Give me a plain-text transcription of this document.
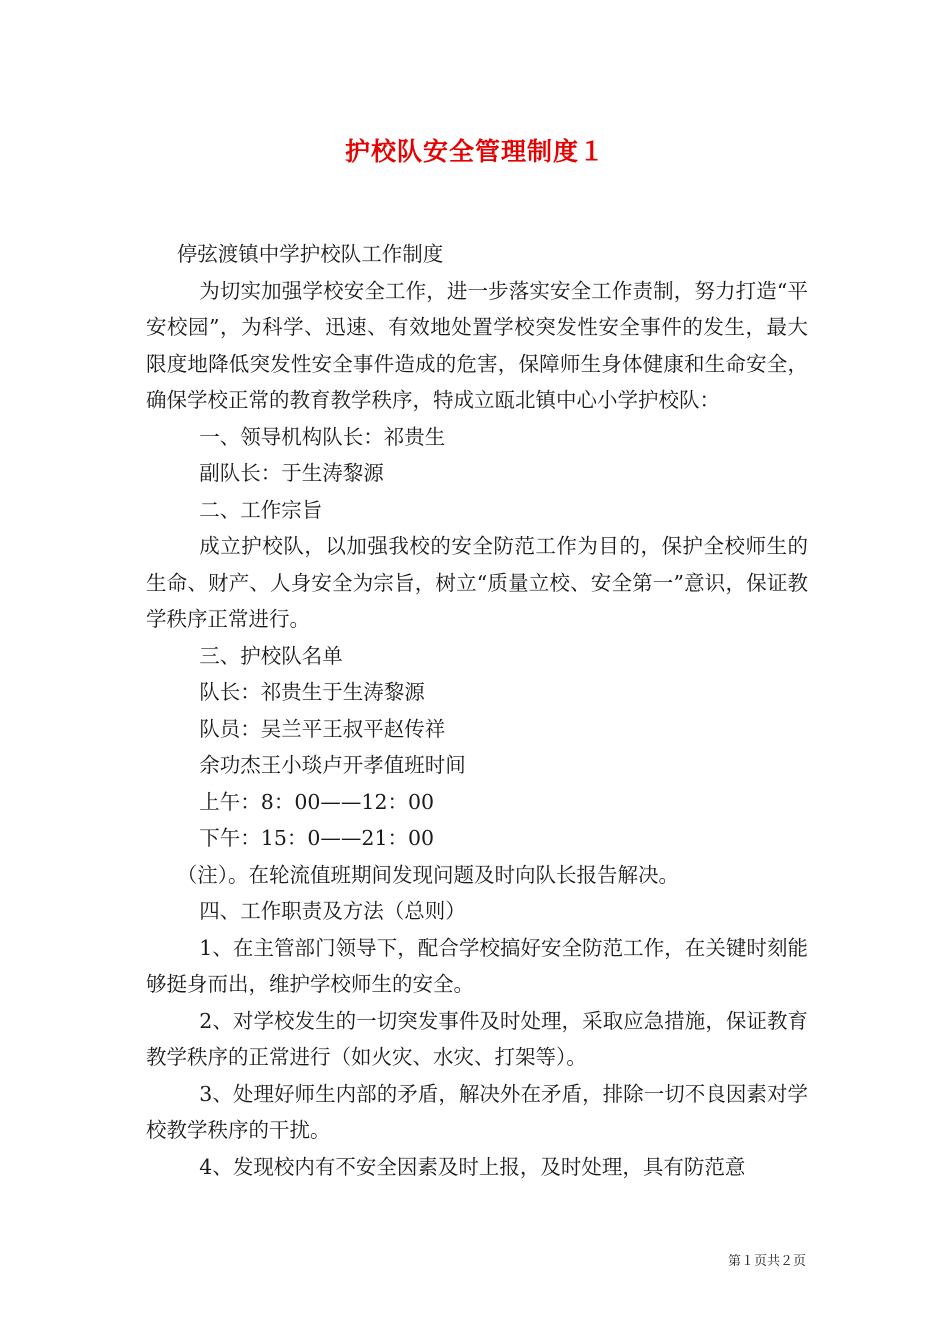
护校队安全管理制度１

停弦渡镇中学护校队工作制度

为切实加强学校安全工作，进一步落实安全工作责制，努力打造“平安校园”，为科学、迅速、有效地处置学校突发性安全事件的发生，最大限度地降低突发性安全事件造成的危害，保障师生身体健康和生命安全，确保学校正常的教育教学秩序，特成立瓯北镇中心小学护校队：

一、领导机构队长：祁贵生

副队长：于生涛黎源

二、工作宗旨

成立护校队，以加强我校的安全防范工作为目的，保护全校师生的生命、财产、人身安全为宗旨，树立“质量立校、安全第一”意识，保证教学秩序正常进行。

三、护校队名单

队长：祁贵生于生涛黎源

队员：吴兰平王叔平赵传祥

余功杰王小琰卢开孝值班时间

上午：8：00——12：00

下午：15：0——21：00

（注）。在轮流值班期间发现问题及时向队长报告解决。

四、工作职责及方法（总则）

1、在主管部门领导下，配合学校搞好安全防范工作，在关键时刻能够挺身而出，维护学校师生的安全。

2、对学校发生的一切突发事件及时处理，采取应急措施，保证教育教学秩序的正常进行（如火灾、水灾、打架等）。

3、处理好师生内部的矛盾，解决外在矛盾，排除一切不良因素对学校教学秩序的干扰。

4、发现校内有不安全因素及时上报，及时处理，具有防范意

第１页共２页
